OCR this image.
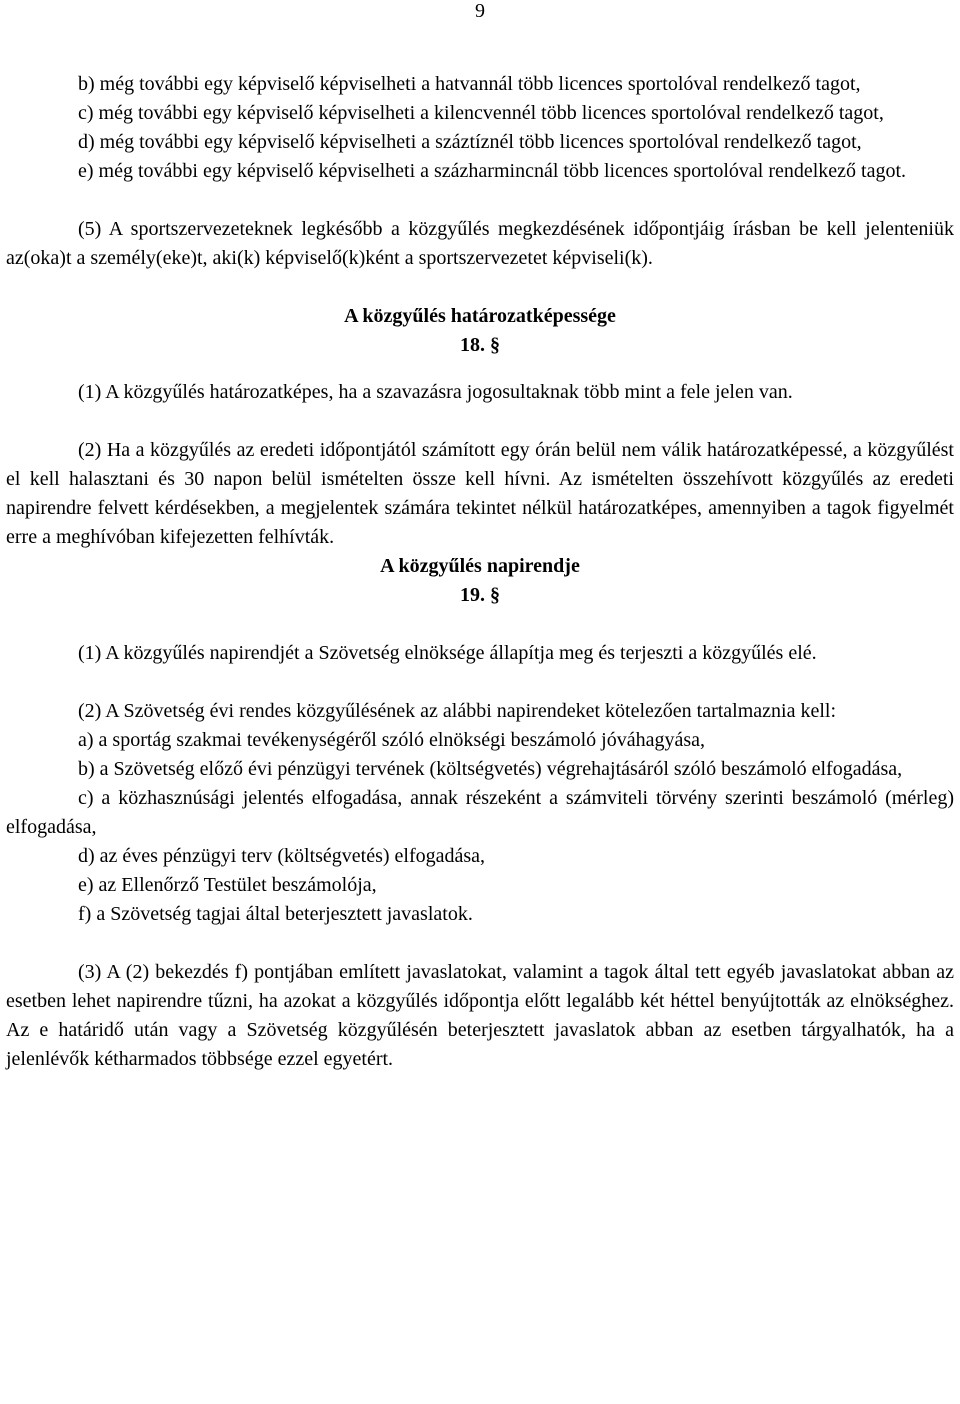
9

b) még további egy képviselő képviselheti a hatvannál több licences sportolóval rendelkező tagot,

c) még további egy képviselő képviselheti a kilencvennél több licences sportolóval rendelkező tagot,

d) még további egy képviselő képviselheti a száztíznél több licences sportolóval rendelkező tagot,

e) még további egy képviselő képviselheti a százharmincnál több licences sportolóval rendelkező tagot.

(5) A sportszervezeteknek legkésőbb a közgyűlés megkezdésének időpontjáig írásban be kell jelenteniük az(oka)t a személy(eke)t, aki(k) képviselő(k)ként a sportszervezetet képviseli(k).

A közgyűlés határozatképessége
18. §

(1) A közgyűlés határozatképes, ha a szavazásra jogosultaknak több mint a fele jelen van.

(2) Ha a közgyűlés az eredeti időpontjától számított egy órán belül nem válik határozatképessé, a közgyűlést el kell halasztani és 30 napon belül ismételten össze kell hívni. Az ismételten összehívott közgyűlés az eredeti napirendre felvett kérdésekben, a megjelentek számára tekintet nélkül határozatképes, amennyiben a tagok figyelmét erre a meghívóban kifejezetten felhívták.

A közgyűlés napirendje
19. §

(1) A közgyűlés napirendjét a Szövetség elnöksége állapítja meg és terjeszti a közgyűlés elé.

(2) A Szövetség évi rendes közgyűlésének az alábbi napirendeket kötelezően tartalmaznia kell:

a) a sportág szakmai tevékenységéről szóló elnökségi beszámoló jóváhagyása,

b) a Szövetség előző évi pénzügyi tervének (költségvetés) végrehajtásáról szóló beszámoló elfogadása,

c) a közhasznúsági jelentés elfogadása, annak részeként a számviteli törvény szerinti beszámoló (mérleg) elfogadása,

d) az éves pénzügyi terv (költségvetés) elfogadása,

e) az Ellenőrző Testület beszámolója,

f) a Szövetség tagjai által beterjesztett javaslatok.

(3) A (2) bekezdés f) pontjában említett javaslatokat, valamint a tagok által tett egyéb javaslatokat abban az esetben lehet napirendre tűzni, ha azokat a közgyűlés időpontja előtt legalább két héttel benyújtották az elnökséghez. Az e határidő után vagy a Szövetség közgyűlésén beterjesztett javaslatok abban az esetben tárgyalhatók, ha a jelenlévők kétharmados többsége ezzel egyetért.
